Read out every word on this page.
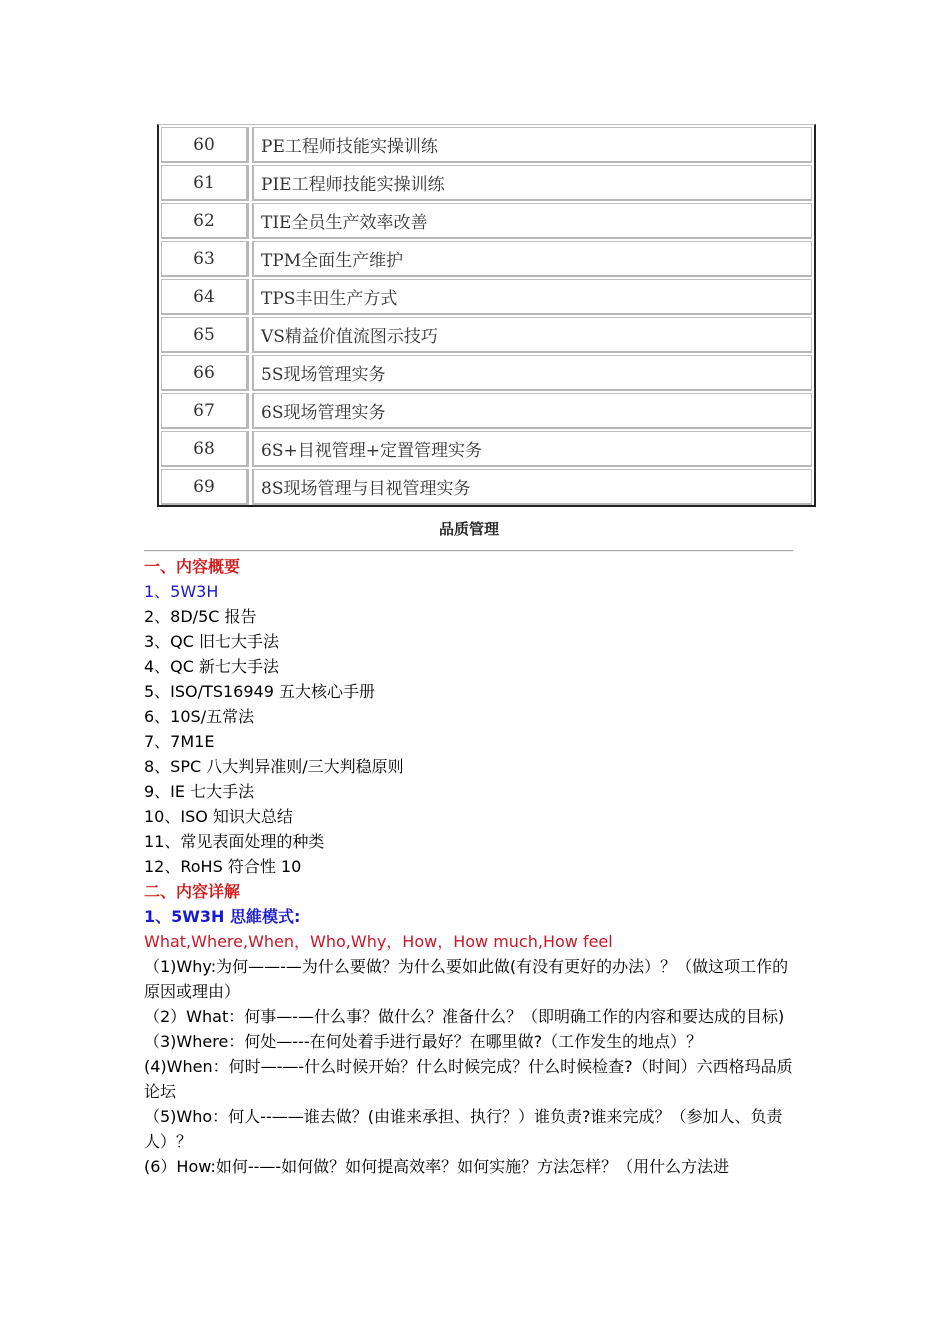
60	PE工程师技能实操训练
61	PIE工程师技能实操训练
62	TIE全员生产效率改善
63	TPM全面生产维护
64	TPS丰田生产方式
65	VS精益价值流图示技巧
66	5S现场管理实务
67	6S现场管理实务
68	6S+目视管理+定置管理实务
69	8S现场管理与目视管理实务
品质管理

一、内容概要

1、5W3H

2、8D/5C 报告

3、QC 旧七大手法

4、QC 新七大手法

5、ISO/TS16949 五大核心手册

6、10S/五常法

7、7M1E

8、SPC 八大判异准则/三大判稳原则

9、IE 七大手法

10、ISO 知识大总结

11、常见表面处理的种类

12、RoHS 符合性 10

二、内容详解

1、5W3H 思維模式:

What,Where,When，Who,Why，How，How much,How feel

（1)Why:为何——-—为什么要做？为什么要如此做(有没有更好的办法）？（做这项工作的原因或理由）

（2）What：何事—-—什么事？做什么？准备什么？（即明确工作的内容和要达成的目标)

（3)Where：何处—---在何处着手进行最好？在哪里做?（工作发生的地点）？

(4)When：何时—-—-什么时候开始？什么时候完成？什么时候检查?（时间）六西格玛品质论坛

（5)Who：何人--——谁去做？(由谁来承担、执行？）谁负责?谁来完成？（参加人、负责人）？

(6）How:如何--—-如何做？如何提高效率？如何实施？方法怎样？（用什么方法进
